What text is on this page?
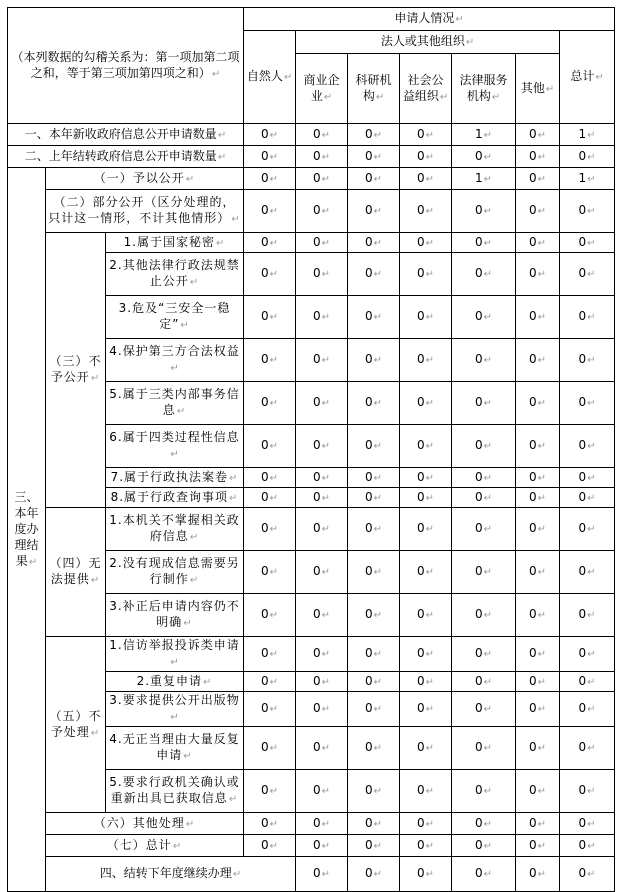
（本列数据的勾稽关系为：第一项加第二项之和，等于第三项加第四项之和）↵			申请人情况↵							
			自然人↵	法人或其他组织↵					总计↵	
				商业企业↵	科研机构↵	社会公益组织↵	法律服务机构↵	其他↵		
一、本年新收政府信息公开申请数量↵			0↵	0↵	0↵	0↵	1↵	0↵	1↵	
二、上年结转政府信息公开申请数量↵			0↵	0↵	0↵	0↵	0↵	0↵	0↵	
三、本年度办理结果↵	（一）予以公开↵		0↵	0↵	0↵	0↵	1↵	0↵	1↵	
	（二）部分公开（区分处理的，只计这一情形，不计其他情形）↵		0↵	0↵	0↵	0↵	0↵	0↵	0↵	
	（三）不予公开↵	1.属于国家秘密↵	0↵	0↵	0↵	0↵	0↵	0↵	0↵	
		2.其他法律行政法规禁止公开↵	0↵	0↵	0↵	0↵	0↵	0↵	0↵	
		3.危及“三安全一稳定”↵	0↵	0↵	0↵	0↵	0↵	0↵	0↵	
		4.保护第三方合法权益↵	0↵	0↵	0↵	0↵	0↵	0↵	0↵	
		5.属于三类内部事务信息↵	0↵	0↵	0↵	0↵	0↵	0↵	0↵	
		6.属于四类过程性信息↵	0↵	0↵	0↵	0↵	0↵	0↵	0↵	
		7.属于行政执法案卷↵	0↵	0↵	0↵	0↵	0↵	0↵	0↵	
		8.属于行政查询事项↵	0↵	0↵	0↵	0↵	0↵	0↵	0↵	
	（四）无法提供↵	1.本机关不掌握相关政府信息↵	0↵	0↵	0↵	0↵	0↵	0↵	0↵	
		2.没有现成信息需要另行制作↵	0↵	0↵	0↵	0↵	0↵	0↵	0↵	
		3.补正后申请内容仍不明确↵	0↵	0↵	0↵	0↵	0↵	0↵	0↵	
	（五）不予处理↵	1.信访举报投诉类申请↵	0↵	0↵	0↵	0↵	0↵	0↵	0↵	
		2.重复申请↵	0↵	0↵	0↵	0↵	0↵	0↵	0↵	
		3.要求提供公开出版物↵	0↵	0↵	0↵	0↵	0↵	0↵	0↵	
		4.无正当理由大量反复申请↵	0↵	0↵	0↵	0↵	0↵	0↵	0↵	
		5.要求行政机关确认或重新出具已获取信息↵	0↵	0↵	0↵	0↵	0↵	0↵	0↵	
	（六）其他处理↵		0↵	0↵	0↵	0↵	0↵	0↵	0↵	
	（七）总计↵		0↵	0↵	0↵	0↵	0↵	0↵	0↵	
	四、结转下年度继续办理↵			0↵	0↵	0↵	0↵	0↵	0↵	
